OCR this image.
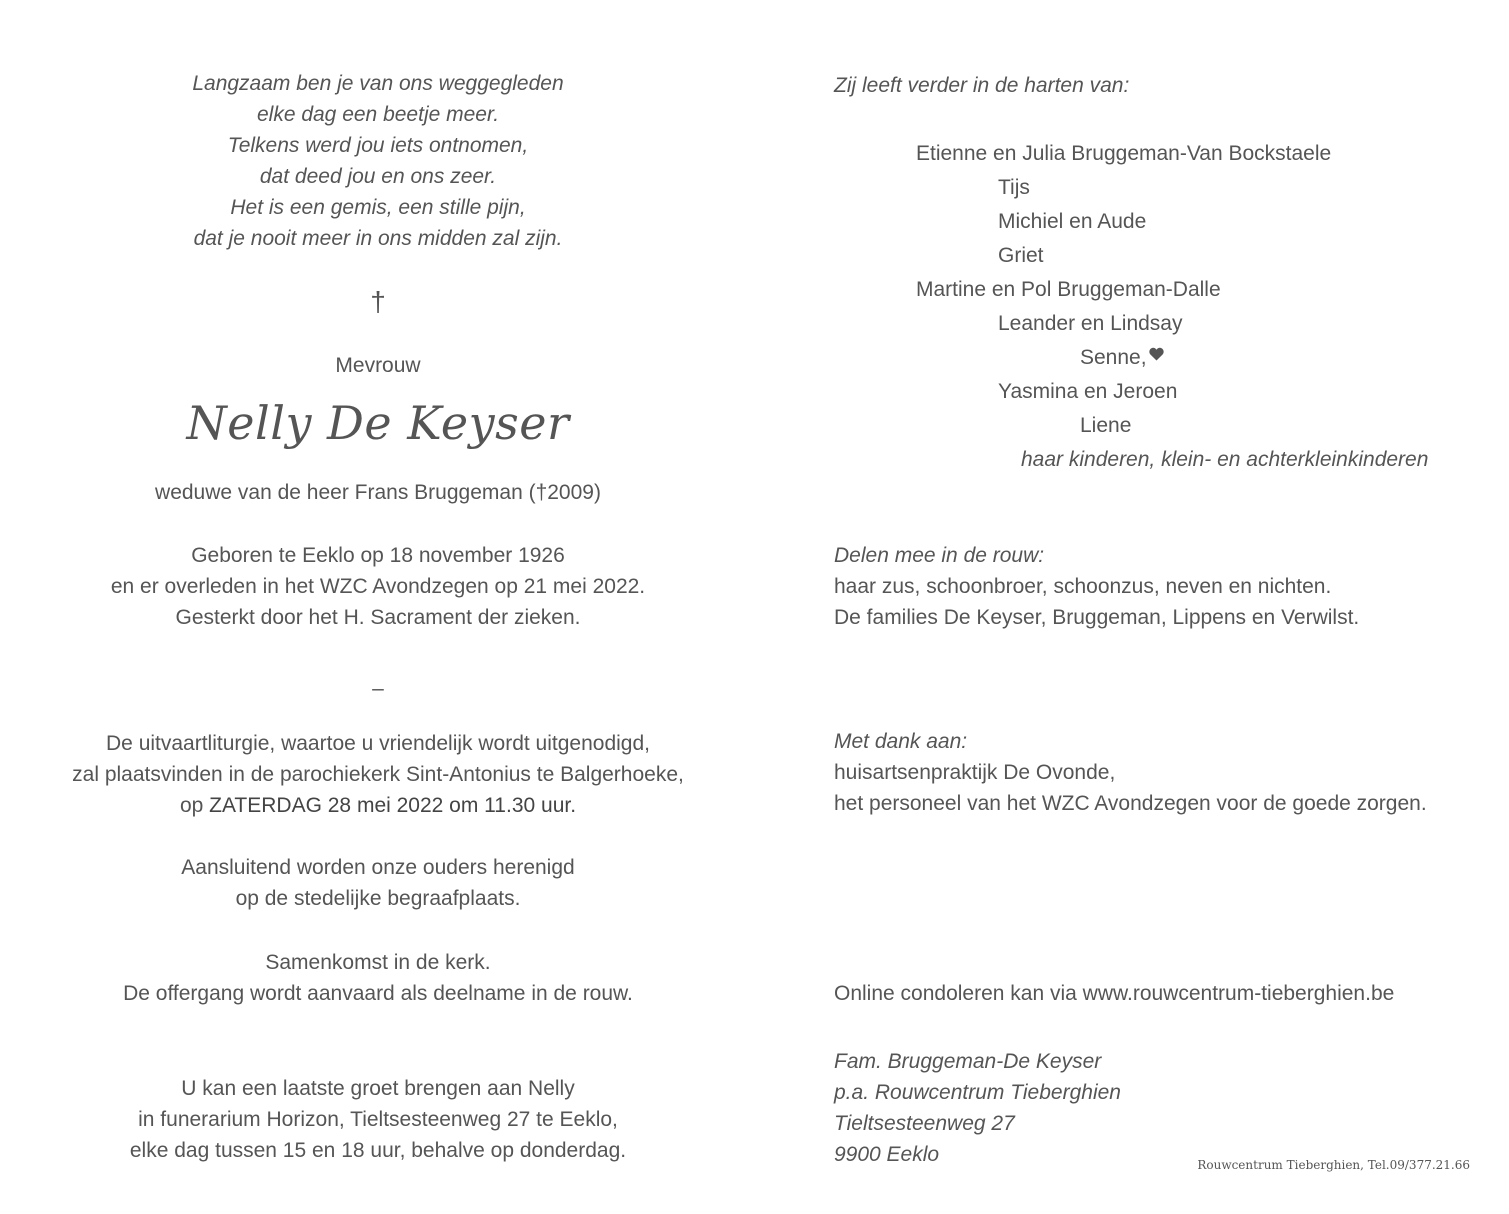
Langzaam ben je van ons weggegleden
elke dag een beetje meer.
Telkens werd jou iets ontnomen,
dat deed jou en ons zeer.
Het is een gemis, een stille pijn,
dat je nooit meer in ons midden zal zijn.
†
Mevrouw
Nelly De Keyser
weduwe van de heer Frans Bruggeman (†2009)
Geboren te Eeklo op 18 november 1926
en er overleden in het WZC Avondzegen op 21 mei 2022.
Gesterkt door het H. Sacrament der zieken.
–
De uitvaartliturgie, waartoe u vriendelijk wordt uitgenodigd,
zal plaatsvinden in de parochiekerk Sint-Antonius te Balgerhoeke,
op ZATERDAG 28 mei 2022 om 11.30 uur.
Aansluitend worden onze ouders herenigd
op de stedelijke begraafplaats.
Samenkomst in de kerk.
De offergang wordt aanvaard als deelname in de rouw.
U kan een laatste groet brengen aan Nelly
in funerarium Horizon, Tieltsesteenweg 27 te Eeklo,
elke dag tussen 15 en 18 uur, behalve op donderdag.
Zij leeft verder in de harten van:
Etienne en Julia Bruggeman-Van Bockstaele
Tijs
Michiel en Aude
Griet
Martine en Pol Bruggeman-Dalle
Leander en Lindsay
Senne,
Yasmina en Jeroen
Liene
haar kinderen, klein- en achterkleinkinderen
Delen mee in de rouw:
haar zus, schoonbroer, schoonzus, neven en nichten.
De families De Keyser, Bruggeman, Lippens en Verwilst.
Met dank aan:
huisartsenpraktijk De Ovonde,
het personeel van het WZC Avondzegen voor de goede zorgen.
Online condoleren kan via www.rouwcentrum-tieberghien.be
Fam. Bruggeman-De Keyser
p.a. Rouwcentrum Tieberghien
Tieltsesteenweg 27
9900 Eeklo	Rouwcentrum Tieberghien, Tel.09/377.21.66
